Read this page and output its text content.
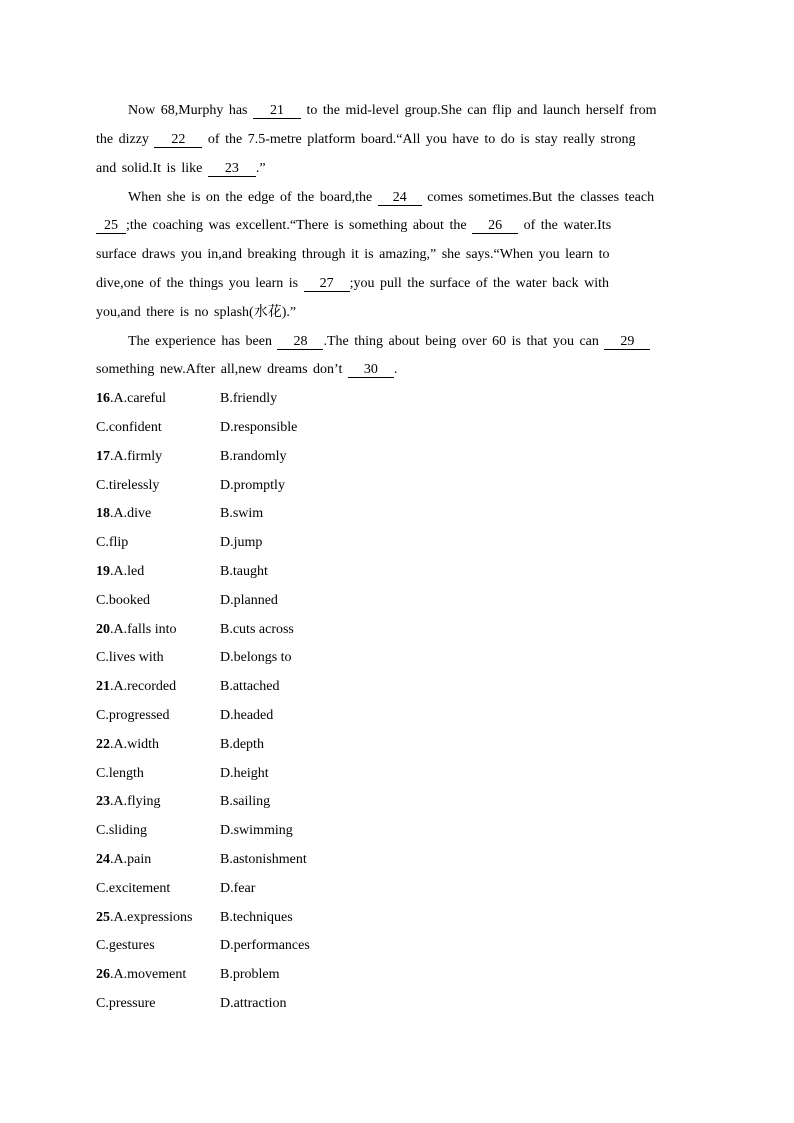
Now 68,Murphy has 21 to the mid-level group.She can flip and launch herself from
the dizzy 22 of the 7.5-metre platform board.“All you have to do is stay really strong
and solid.It is like 23 .”
When she is on the edge of the board,the 24 comes sometimes.But the classes teach
25 ;the coaching was excellent.“There is something about the 26 of the water.Its
surface draws you in,and breaking through it is amazing,” she says.“When you learn to
dive,one of the things you learn is 27 ;you pull the surface of the water back with
you,and there is no splash(水花).”
The experience has been 28 .The thing about being over 60 is that you can 29
something new.After all,new dreams don’t 30 .
16.A.careful	B.friendly
C.confident	D.responsible
17.A.firmly	B.randomly
C.tirelessly	D.promptly
18.A.dive	B.swim
C.flip	D.jump
19.A.led	B.taught
C.booked	D.planned
20.A.falls into	B.cuts across
C.lives with	D.belongs to
21.A.recorded	B.attached
C.progressed	D.headed
22.A.width	B.depth
C.length	D.height
23.A.flying	B.sailing
C.sliding	D.swimming
24.A.pain	B.astonishment
C.excitement	D.fear
25.A.expressions B.techniques
C.gestures	D.performances
26.A.movement B.problem
C.pressure	D.attraction
